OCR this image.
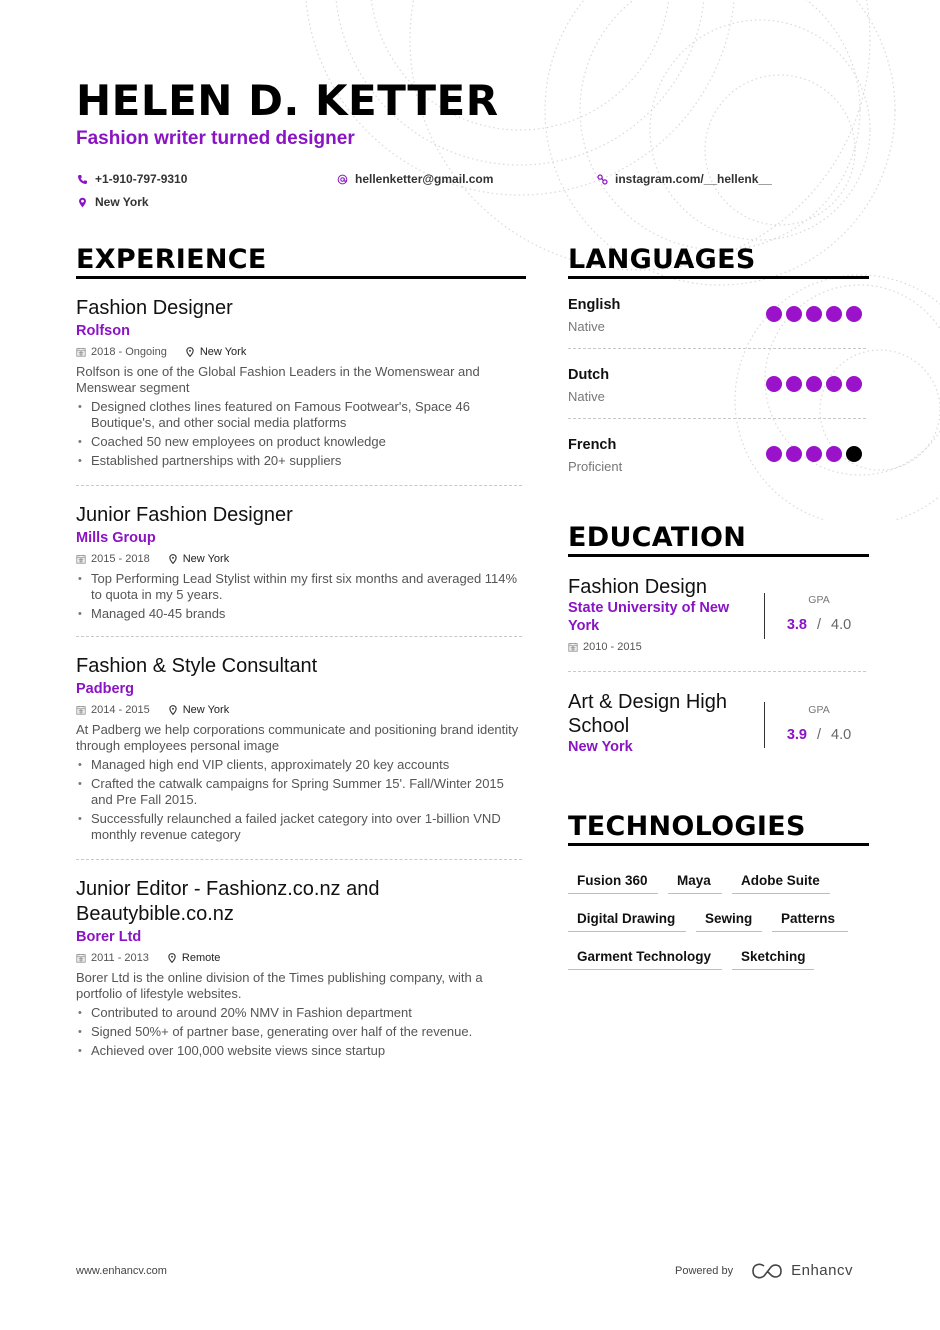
HELEN D. KETTER
Fashion writer turned designer
+1-910-797-9310	hellenketter@gmail.com	instagram.com/__hellenk__
New York
EXPERIENCE
Fashion Designer
Rolfson
2018 - Ongoing	New York
Rolfson is one of the Global Fashion Leaders in the Womenswear and Menswear segment
• Designed clothes lines featured on Famous Footwear's, Space 46 Boutique's, and other social media platforms
• Coached 50 new employees on product knowledge
• Established partnerships with 20+ suppliers
Junior Fashion Designer
Mills Group
2015 - 2018	New York
• Top Performing Lead Stylist within my first six months and averaged 114% to quota in my 5 years.
• Managed 40-45 brands
Fashion & Style Consultant
Padberg
2014 - 2015	New York
At Padberg we help corporations communicate and positioning brand identity through employees personal image
• Managed high end VIP clients, approximately 20 key accounts
• Crafted the catwalk campaigns for Spring Summer 15'. Fall/Winter 2015 and Pre Fall 2015.
• Successfully relaunched a failed jacket category into over 1-billion VND monthly revenue category
Junior Editor - Fashionz.co.nz and Beautybible.co.nz
Borer Ltd
2011 - 2013	Remote
Borer Ltd is the online division of the Times publishing company, with a portfolio of lifestyle websites.
• Contributed to around 20% NMV in Fashion department
• Signed 50%+ of partner base, generating over half of the revenue.
• Achieved over 100,000 website views since startup
LANGUAGES
English
Native
Dutch
Native
French
Proficient
EDUCATION
Fashion Design
State University of New York
2010 - 2015
GPA
3.8 / 4.0
Art & Design High School
New York
GPA
3.9 / 4.0
TECHNOLOGIES
Fusion 360	Maya	Adobe Suite
Digital Drawing	Sewing	Patterns
Garment Technology	Sketching
www.enhancv.com	Powered by	Enhancv
